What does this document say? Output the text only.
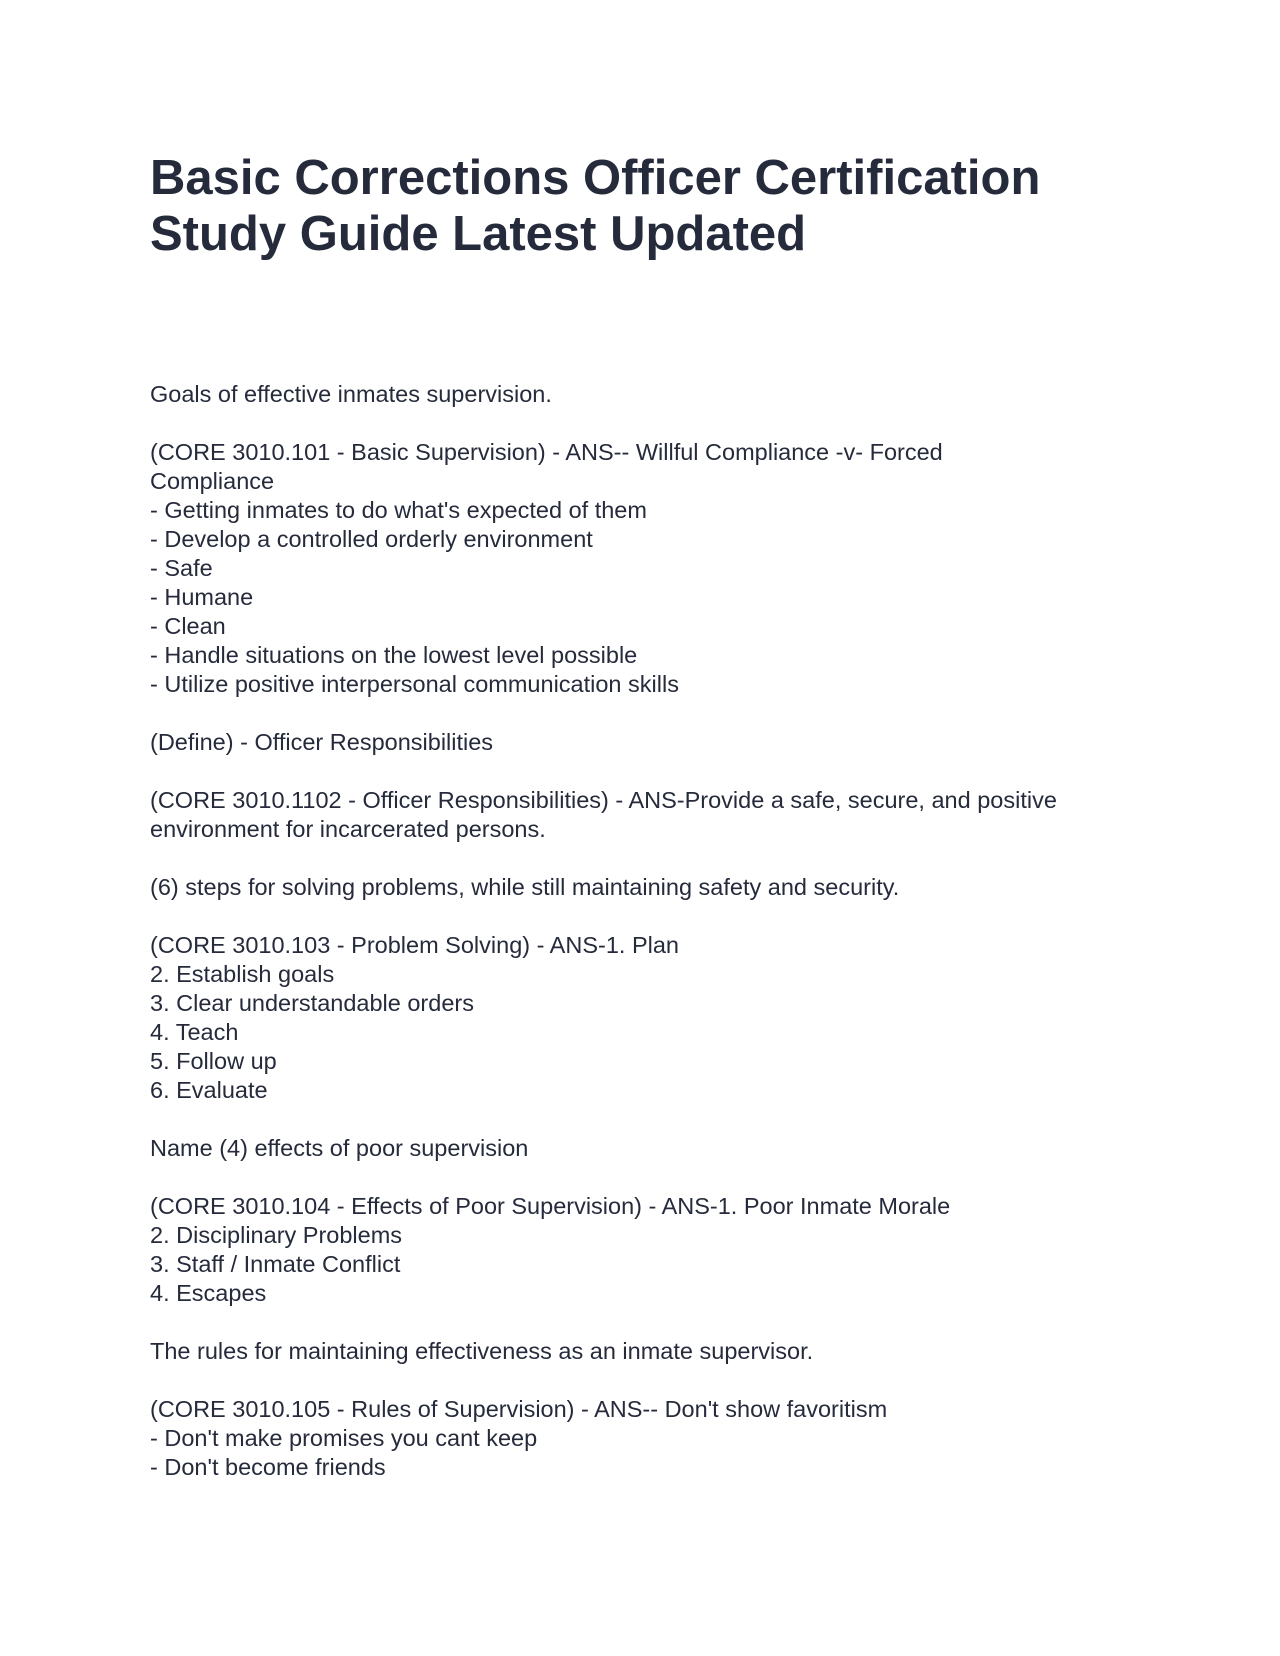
Basic Corrections Officer Certification
Study Guide Latest Updated
Goals of effective inmates supervision.
(CORE 3010.101 - Basic Supervision) - ANS-- Willful Compliance -v- Forced
Compliance
- Getting inmates to do what's expected of them
- Develop a controlled orderly environment
- Safe
- Humane
- Clean
- Handle situations on the lowest level possible
- Utilize positive interpersonal communication skills
(Define) - Officer Responsibilities
(CORE 3010.1102 - Officer Responsibilities) - ANS-Provide a safe, secure, and positive
environment for incarcerated persons.
(6) steps for solving problems, while still maintaining safety and security.
(CORE 3010.103 - Problem Solving) - ANS-1. Plan
2. Establish goals
3. Clear understandable orders
4. Teach
5. Follow up
6. Evaluate
Name (4) effects of poor supervision
(CORE 3010.104 - Effects of Poor Supervision) - ANS-1. Poor Inmate Morale
2. Disciplinary Problems
3. Staff / Inmate Conflict
4. Escapes
The rules for maintaining effectiveness as an inmate supervisor.
(CORE 3010.105 - Rules of Supervision) - ANS-- Don't show favoritism
- Don't make promises you cant keep
- Don't become friends
